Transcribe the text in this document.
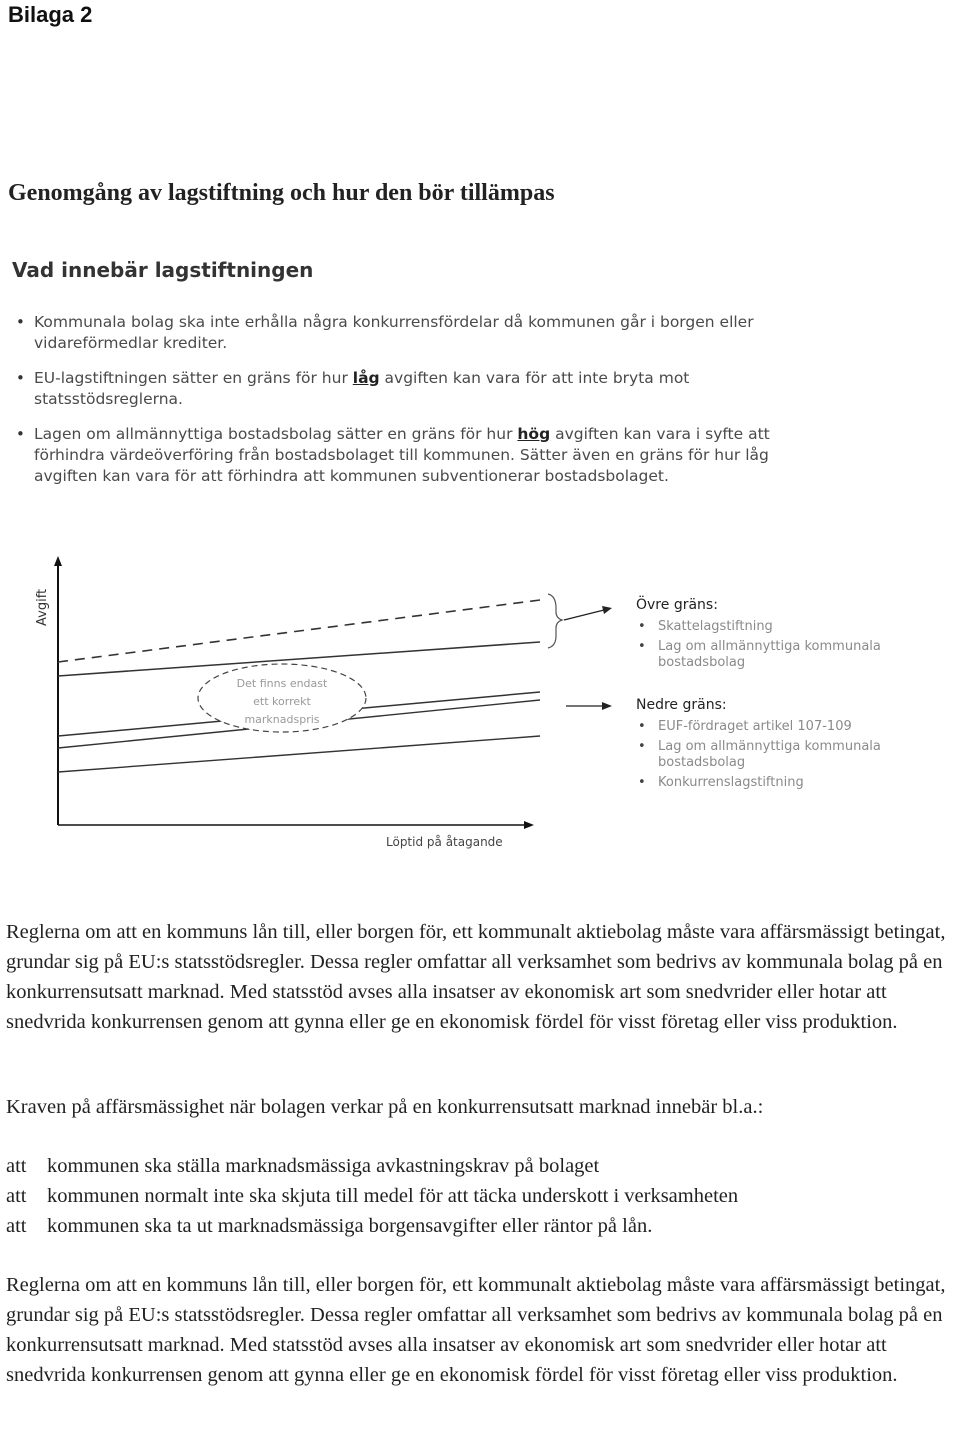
Bilaga 2
Genomgång av lagstiftning och hur den bör tillämpas
Vad innebär lagstiftningen
• Kommunala bolag ska inte erhålla några konkurrensfördelar då kommunen går i borgen eller vidareförmedlar krediter.
• EU-lagstiftningen sätter en gräns för hur låg avgiften kan vara för att inte bryta mot statsstödsreglerna.
• Lagen om allmännyttiga bostadsbolag sätter en gräns för hur hög avgiften kan vara i syfte att förhindra värdeöverföring från bostadsbolaget till kommunen. Sätter även en gräns för hur låg avgiften kan vara för att förhindra att kommunen subventionerar bostadsbolaget.
Avgift
Löptid på åtagande
Det finns endast
ett korrekt
marknadspris
Övre gräns:
• Skattelagstiftning
• Lag om allmännyttiga kommunala bostadsbolag
Nedre gräns:
• EUF-fördraget artikel 107-109
• Lag om allmännyttiga kommunala bostadsbolag
• Konkurrenslagstiftning

Reglerna om att en kommuns lån till, eller borgen för, ett kommunalt aktiebolag måste vara affärsmässigt betingat, grundar sig på EU:s statsstödsregler. Dessa regler omfattar all verksamhet som bedrivs av kommunala bolag på en konkurrensutsatt marknad. Med statsstöd avses alla insatser av ekonomisk art som snedvrider eller hotar att snedvrida konkurrensen genom att gynna eller ge en ekonomisk fördel för visst företag eller viss produktion.

Kraven på affärsmässighet när bolagen verkar på en konkurrensutsatt marknad innebär bl.a.:

att kommunen ska ställa marknadsmässiga avkastningskrav på bolaget
att kommunen normalt inte ska skjuta till medel för att täcka underskott i verksamheten
att kommunen ska ta ut marknadsmässiga borgensavgifter eller räntor på lån.

Reglerna om att en kommuns lån till, eller borgen för, ett kommunalt aktiebolag måste vara affärsmässigt betingat, grundar sig på EU:s statsstödsregler. Dessa regler omfattar all verksamhet som bedrivs av kommunala bolag på en konkurrensutsatt marknad. Med statsstöd avses alla insatser av ekonomisk art som snedvrider eller hotar att snedvrida konkurrensen genom att gynna eller ge en ekonomisk fördel för visst företag eller viss produktion.
